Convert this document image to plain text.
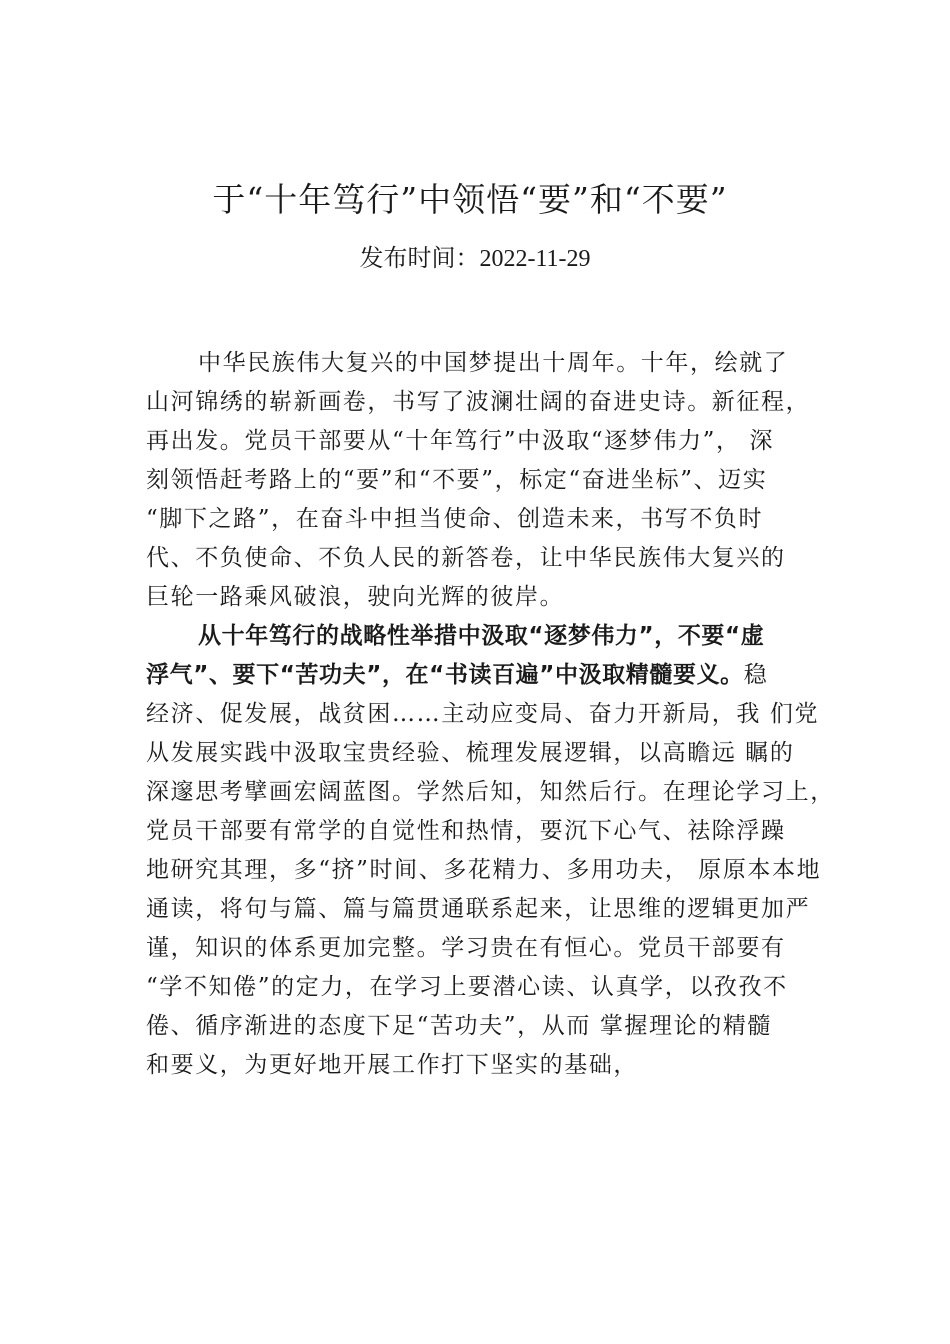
于“十年笃行”中领悟“要”和“不要”
发布时间：2022-11-29
中华民族伟大复兴的中国梦提出十周年。十年，绘就了
山河锦绣的崭新画卷，书写了波澜壮阔的奋进史诗。新征程，
再出发。党员干部要从“十年笃行”中汲取“逐梦伟力”， 深
刻领悟赶考路上的“要”和“不要”，标定“奋进坐标”、迈实
“脚下之路”，在奋斗中担当使命、创造未来，书写不负时
代、不负使命、不负人民的新答卷，让中华民族伟大复兴的
巨轮一路乘风破浪，驶向光辉的彼岸。
从十年笃行的战略性举措中汲取“逐梦伟力”，不要“虚
浮气”、要下“苦功夫”，在“书读百遍”中汲取精髓要义。稳
经济、促发展，战贫困……主动应变局、奋力开新局，我 们党
从发展实践中汲取宝贵经验、梳理发展逻辑，以高瞻远 瞩的
深邃思考擘画宏阔蓝图。学然后知，知然后行。在理论学习上，
党员干部要有常学的自觉性和热情，要沉下心气、祛除浮躁
地研究其理，多“挤”时间、多花精力、多用功夫， 原原本本地
通读，将句与篇、篇与篇贯通联系起来，让思维的逻辑更加严
谨，知识的体系更加完整。学习贵在有恒心。党员干部要有
“学不知倦”的定力，在学习上要潜心读、认真学，以孜孜不
倦、循序渐进的态度下足“苦功夫”，从而 掌握理论的精髓
和要义，为更好地开展工作打下坚实的基础，
